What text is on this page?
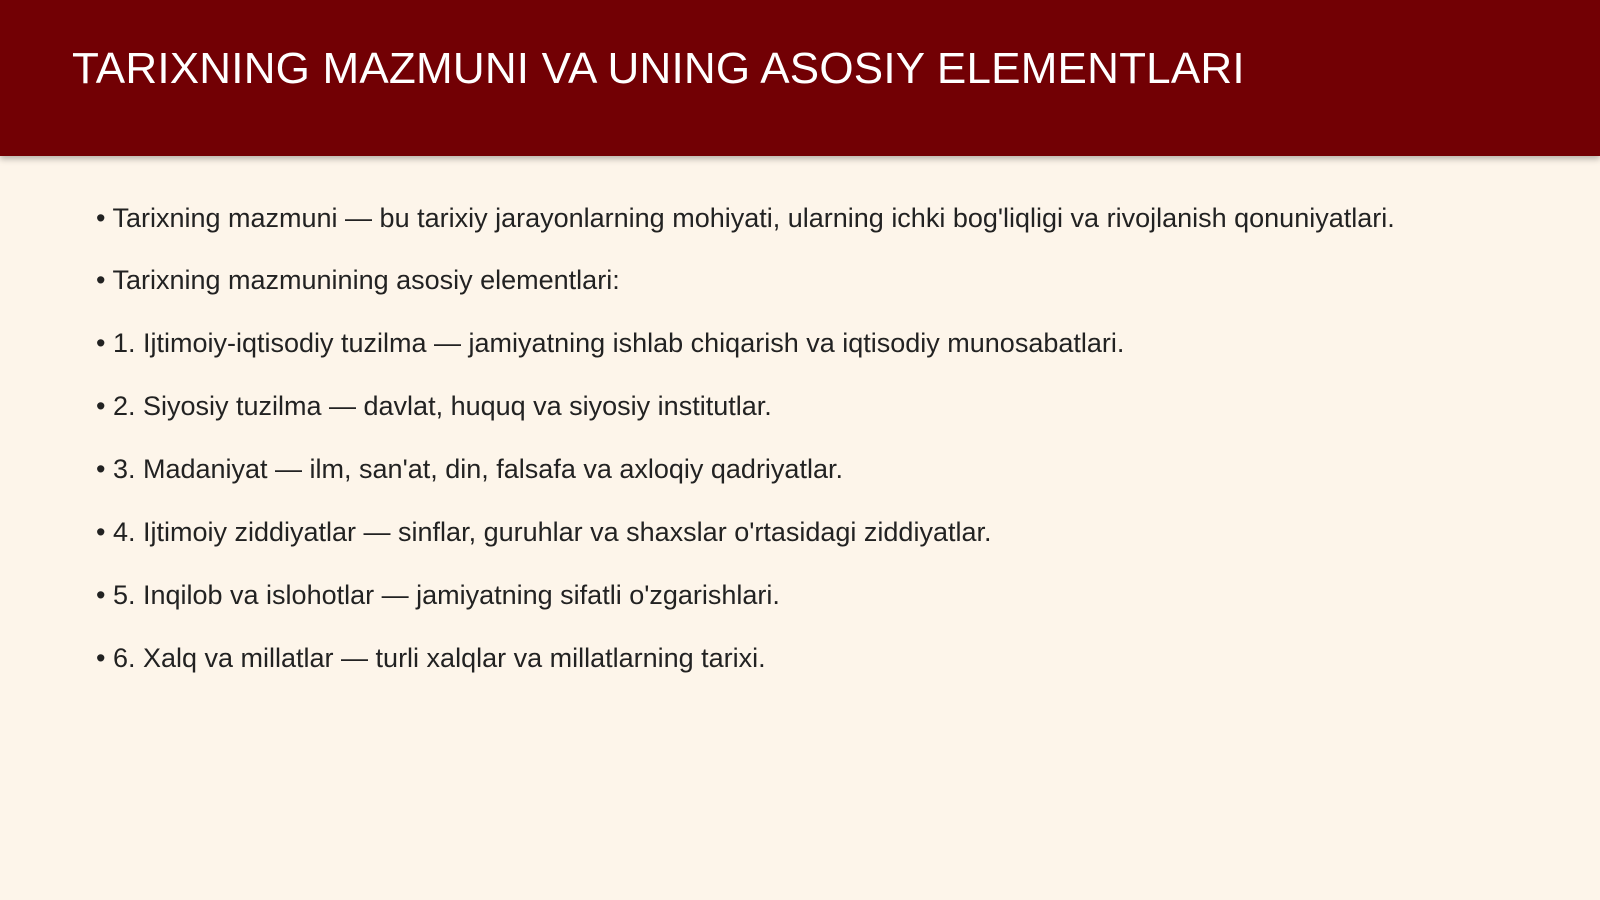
TARIXNING MAZMUNI VA UNING ASOSIY ELEMENTLARI

• Tarixning mazmuni — bu tarixiy jarayonlarning mohiyati, ularning ichki bog'liqligi va rivojlanish qonuniyatlari.

• Tarixning mazmunining asosiy elementlari:

• 1. Ijtimoiy-iqtisodiy tuzilma — jamiyatning ishlab chiqarish va iqtisodiy munosabatlari.

• 2. Siyosiy tuzilma — davlat, huquq va siyosiy institutlar.

• 3. Madaniyat — ilm, san'at, din, falsafa va axloqiy qadriyatlar.

• 4. Ijtimoiy ziddiyatlar — sinflar, guruhlar va shaxslar o'rtasidagi ziddiyatlar.

• 5. Inqilob va islohotlar — jamiyatning sifatli o'zgarishlari.

• 6. Xalq va millatlar — turli xalqlar va millatlarning tarixi.
